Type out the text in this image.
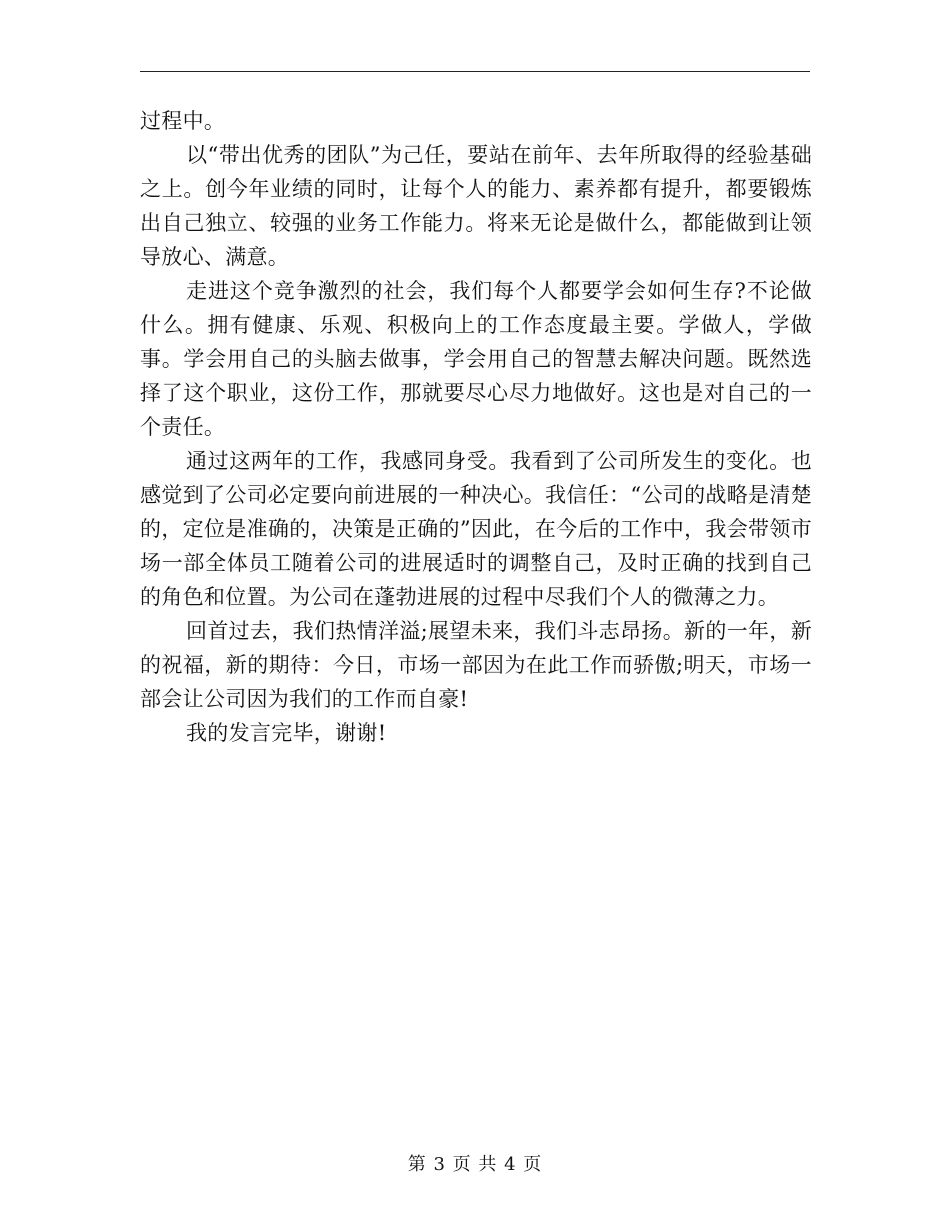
过程中。

以“带出优秀的团队”为己任，要站在前年、去年所取得的经验基础之上。创今年业绩的同时，让每个人的能力、素养都有提升，都要锻炼出自己独立、较强的业务工作能力。将来无论是做什么，都能做到让领导放心、满意。

走进这个竞争激烈的社会，我们每个人都要学会如何生存?不论做什么。拥有健康、乐观、积极向上的工作态度最主要。学做人，学做事。学会用自己的头脑去做事，学会用自己的智慧去解决问题。既然选择了这个职业，这份工作，那就要尽心尽力地做好。这也是对自己的一个责任。

通过这两年的工作，我感同身受。我看到了公司所发生的变化。也感觉到了公司必定要向前进展的一种决心。我信任：“公司的战略是清楚的，定位是准确的，决策是正确的”因此，在今后的工作中，我会带领市场一部全体员工随着公司的进展适时的调整自己，及时正确的找到自己的角色和位置。为公司在蓬勃进展的过程中尽我们个人的微薄之力。

回首过去，我们热情洋溢;展望未来，我们斗志昂扬。新的一年，新的祝福，新的期待：今日，市场一部因为在此工作而骄傲;明天，市场一部会让公司因为我们的工作而自豪!

我的发言完毕，谢谢!

第 3 页 共 4 页
